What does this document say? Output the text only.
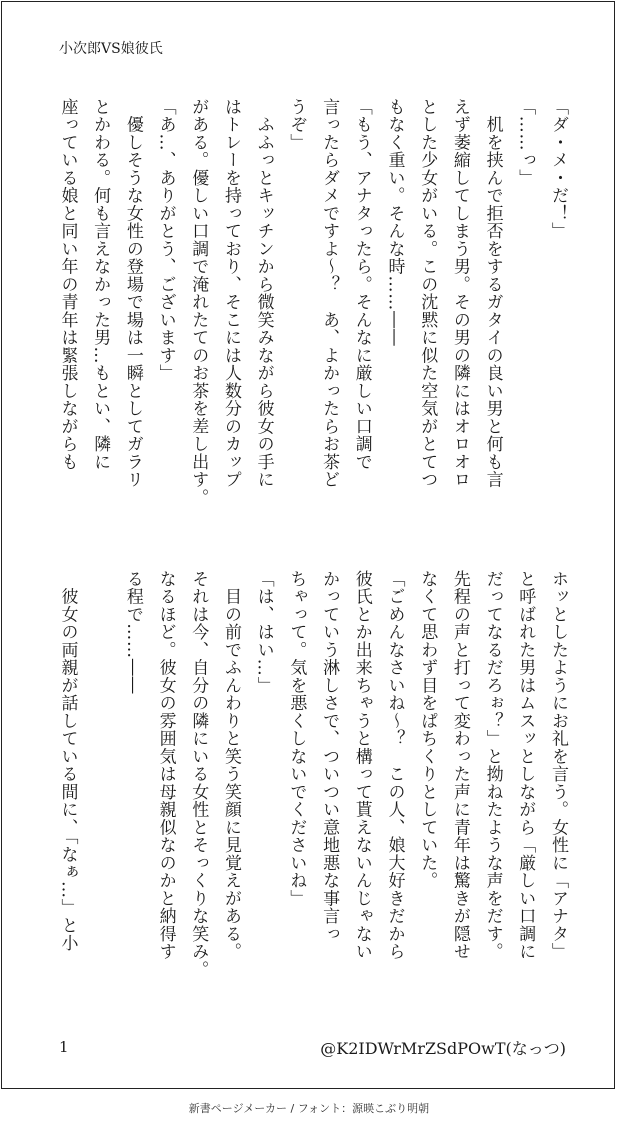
小次郎VS娘彼氏
「ダ・メ・だ！」
「……っ」
　机を挟んで拒否をするガタイの良い男と何も言
えず萎縮してしまう男。その男の隣にはオロオロ
とした少女がいる。この沈黙に似た空気がとてつ
もなく重い。そんな時……――
「もう、アナタったら。そんなに厳しい口調で
言ったらダメですよ～？　あ、よかったらお茶ど
うぞ」
　ふふっとキッチンから微笑みながら彼女の手に
はトレーを持っており、そこには人数分のカップ
がある。優しい口調で淹れたてのお茶を差し出す。
「あ…、ありがとう、ございます」
　優しそうな女性の登場で場は一瞬としてガラリ
とかわる。何も言えなかった男…もとい、隣に
座っている娘と同い年の青年は緊張しながらも
ホッとしたようにお礼を言う。女性に「アナタ」
と呼ばれた男はムスッとしながら「厳しい口調に
だってなるだろぉ？」と拗ねたような声をだす。
先程の声と打って変わった声に青年は驚きが隠せ
なくて思わず目をぱちくりとしていた。
「ごめんなさいね～？　この人、娘大好きだから
彼氏とか出来ちゃうと構って貰えないんじゃない
かっていう淋しさで、ついつい意地悪な事言っ
ちゃって。気を悪くしないでくださいね」
「は、はい…」
　目の前でふんわりと笑う笑顔に見覚えがある。
それは今、自分の隣にいる女性とそっくりな笑み。
なるほど。彼女の雰囲気は母親似なのかと納得す
る程で……――

　彼女の両親が話している間に、「なぁ…」と小
1	@K2IDWrMrZSdPOwT(なっつ)
新書ページメーカー / フォント：源暎こぶり明朝
